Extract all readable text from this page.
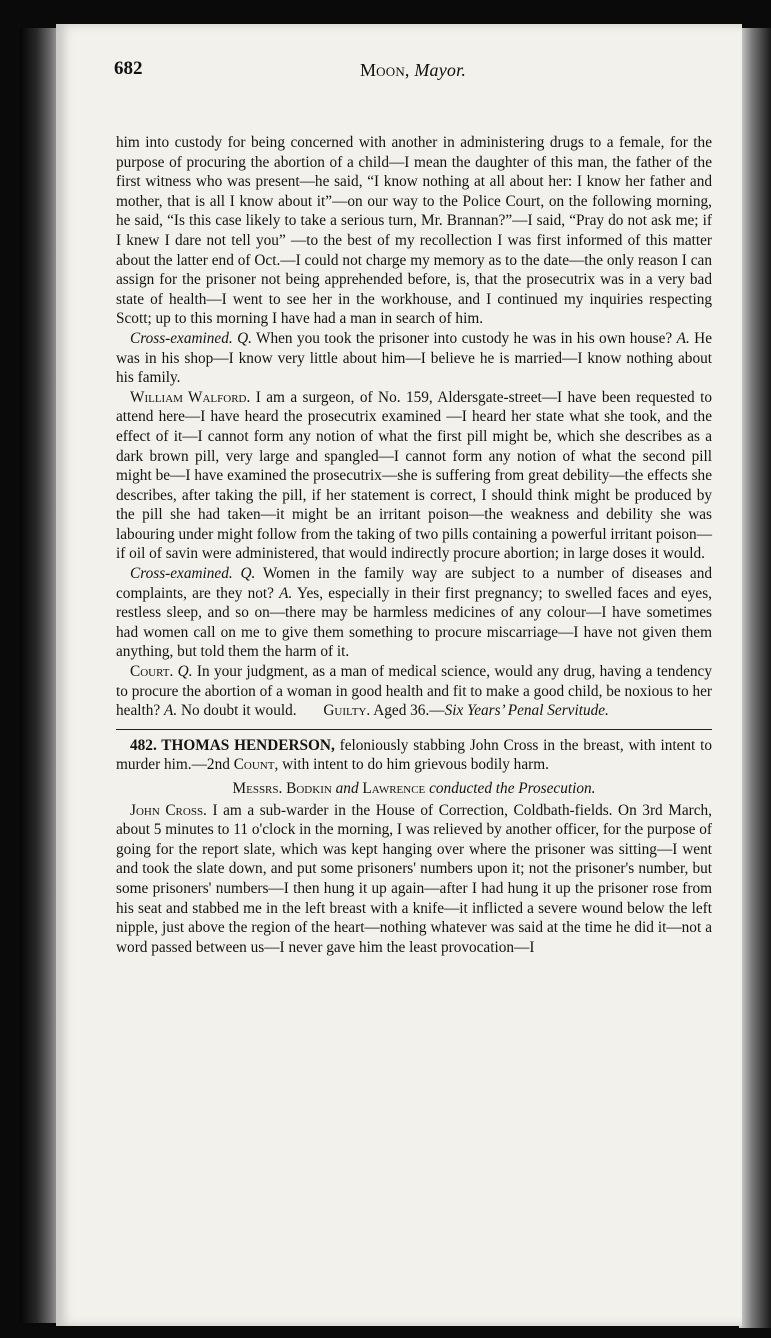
682	Moon, Mayor.

him into custody for being concerned with another in administering drugs to a female, for the purpose of procuring the abortion of a child—I mean the daughter of this man, the father of the first witness who was present—he said, “I know nothing at all about her: I know her father and mother, that is all I know about it”—on our way to the Police Court, on the following morning, he said, “Is this case likely to take a serious turn, Mr. Brannan?”—I said, “Pray do not ask me; if I knew I dare not tell you” —to the best of my recollection I was first informed of this matter about the latter end of Oct.—I could not charge my memory as to the date—the only reason I can assign for the prisoner not being apprehended before, is, that the prosecutrix was in a very bad state of health—I went to see her in the workhouse, and I continued my inquiries respecting Scott; up to this morning I have had a man in search of him.

Cross-examined. Q. When you took the prisoner into custody he was in his own house? A. He was in his shop—I know very little about him—I believe he is married—I know nothing about his family.

William Walford. I am a surgeon, of No. 159, Aldersgate-street—I have been requested to attend here—I have heard the prosecutrix examined —I heard her state what she took, and the effect of it—I cannot form any notion of what the first pill might be, which she describes as a dark brown pill, very large and spangled—I cannot form any notion of what the second pill might be—I have examined the prosecutrix—she is suffering from great debility—the effects she describes, after taking the pill, if her statement is correct, I should think might be produced by the pill she had taken—it might be an irritant poison—the weakness and debility she was labouring under might follow from the taking of two pills containing a powerful irritant poison—if oil of savin were administered, that would indirectly procure abortion; in large doses it would.

Cross-examined. Q. Women in the family way are subject to a number of diseases and complaints, are they not? A. Yes, especially in their first pregnancy; to swelled faces and eyes, restless sleep, and so on—there may be harmless medicines of any colour—I have sometimes had women call on me to give them something to procure miscarriage—I have not given them anything, but told them the harm of it.

Court. Q. In your judgment, as a man of medical science, would any drug, having a tendency to procure the abortion of a woman in good health and fit to make a good child, be noxious to her health? A. No doubt it would. Guilty. Aged 36.—Six Years’ Penal Servitude.

482. THOMAS HENDERSON, feloniously stabbing John Cross in the breast, with intent to murder him.—2nd Count, with intent to do him grievous bodily harm.

Messrs. Bodkin and Lawrence conducted the Prosecution.

John Cross. I am a sub-warder in the House of Correction, Coldbath-fields. On 3rd March, about 5 minutes to 11 o'clock in the morning, I was relieved by another officer, for the purpose of going for the report slate, which was kept hanging over where the prisoner was sitting—I went and took the slate down, and put some prisoners' numbers upon it; not the prisoner's number, but some prisoners' numbers—I then hung it up again—after I had hung it up the prisoner rose from his seat and stabbed me in the left breast with a knife—it inflicted a severe wound below the left nipple, just above the region of the heart—nothing whatever was said at the time he did it—not a word passed between us—I never gave him the least provocation—I
